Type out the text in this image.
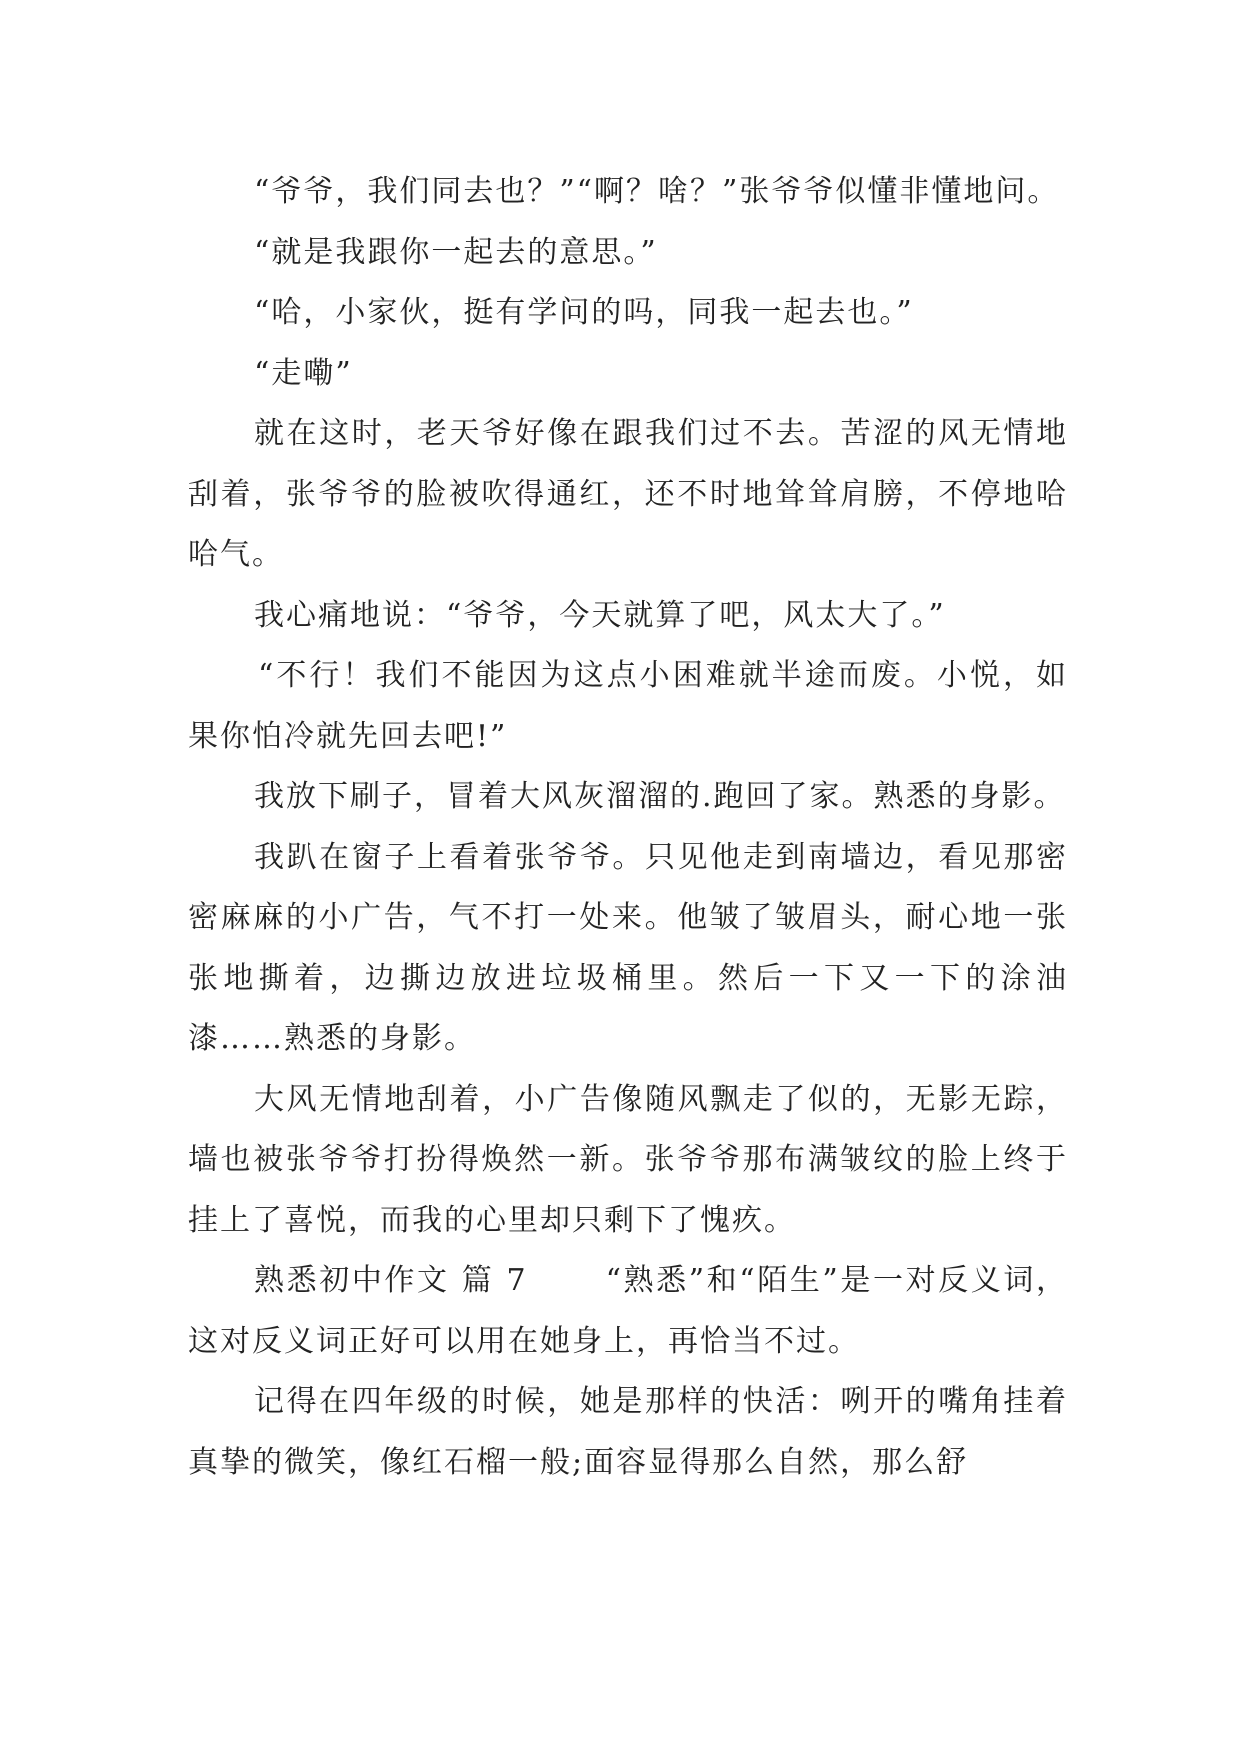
“爷爷，我们同去也？”“啊？啥？”张爷爷似懂非懂地问。

“就是我跟你一起去的意思。”

“哈，小家伙，挺有学问的吗，同我一起去也。”

“走嘞”

就在这时，老天爷好像在跟我们过不去。苦涩的风无情地刮着，张爷爷的脸被吹得通红，还不时地耸耸肩膀，不停地哈哈气。

我心痛地说：“爷爷，今天就算了吧，风太大了。”

“不行！我们不能因为这点小困难就半途而废。小悦，如果你怕冷就先回去吧!”

我放下刷子，冒着大风灰溜溜的.跑回了家。熟悉的身影。

我趴在窗子上看着张爷爷。只见他走到南墙边，看见那密密麻麻的小广告，气不打一处来。他皱了皱眉头，耐心地一张张地撕着，边撕边放进垃圾桶里。然后一下又一下的涂油漆……熟悉的身影。

大风无情地刮着，小广告像随风飘走了似的，无影无踪，墙也被张爷爷打扮得焕然一新。张爷爷那布满皱纹的脸上终于挂上了喜悦，而我的心里却只剩下了愧疚。

熟悉初中作文 篇 7　　 “熟悉”和“陌生”是一对反义词，这对反义词正好可以用在她身上，再恰当不过。

记得在四年级的时候，她是那样的快活：咧开的嘴角挂着真挚的微笑，像红石榴一般;面容显得那么自然，那么舒
